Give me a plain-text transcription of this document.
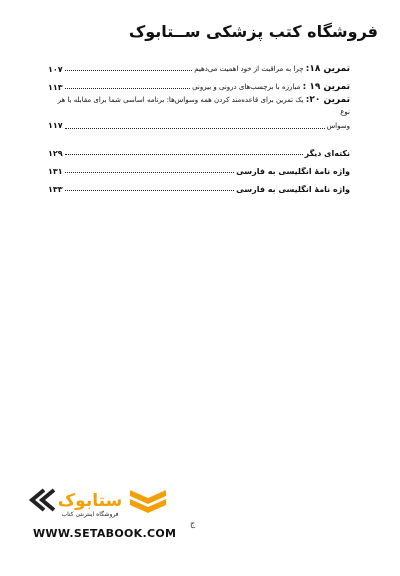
فروشگاه کتب پزشکی ســتابوک
تمرین ۱۸: چرا به مراقبت از خود اهمیت می‌دهیم
۱۰۷
تمرین ۱۹ : مبارزه با برچسب‌های درونی و بیرونی
۱۱۳
تمرین ۲۰: یک تمرین برای قاعده‌مند کردن همه وسواس‌ها: برنامه اساسی شما برای مقابله با هر نوع
وسواس
۱۱۷
نکته‌ای دیگر
۱۲۹
واژه نامهٔ انگلیسی به فارسی
۱۳۱
واژه نامهٔ انگلیسی به فارسی
۱۳۳
ستابوک
فروشگاه اینترنتی کتاب
WWW.SETABOOK.COM
ج
